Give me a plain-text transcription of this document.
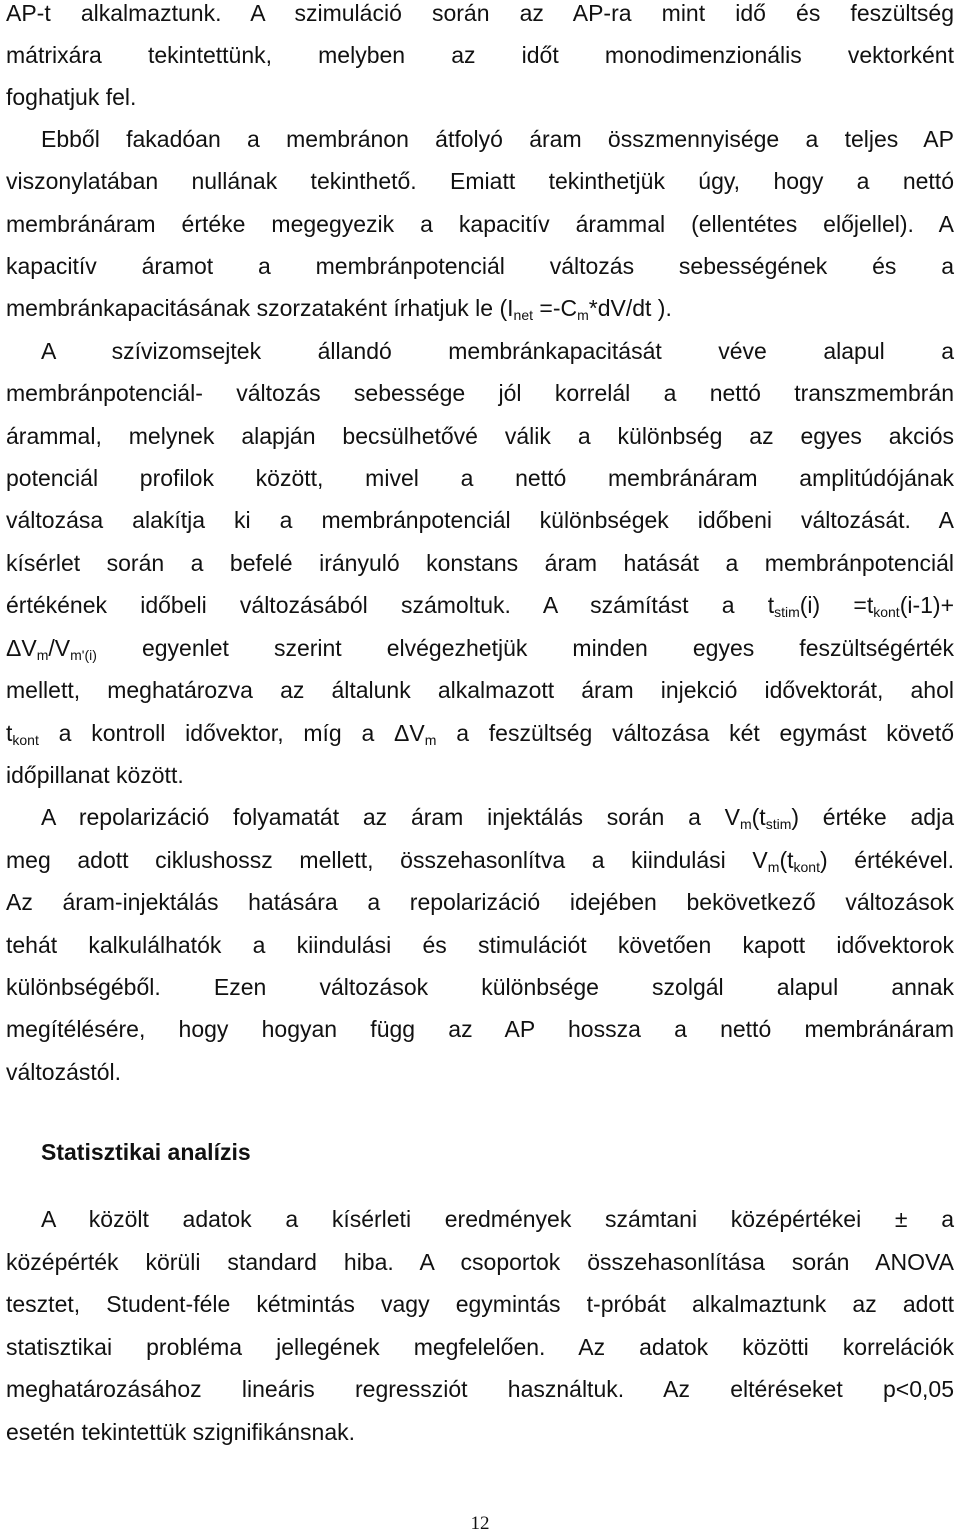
AP-t alkalmaztunk. A szimuláció során az AP-ra mint idő és feszültség
mátrixára tekintettünk, melyben az időt monodimenzionális vektorként
foghatjuk fel.
Ebből fakadóan a membránon átfolyó áram összmennyisége a teljes AP
viszonylatában nullának tekinthető. Emiatt tekinthetjük úgy, hogy a nettó
membránáram értéke megegyezik a kapacitív árammal (ellentétes előjellel). A
kapacitív áramot a membránpotenciál változás sebességének és a
membránkapacitásának szorzataként írhatjuk le ($I_{net} =-C_m*dV/dt$ ).
A szívizomsejtek állandó membránkapacitását véve alapul a
membránpotenciál- változás sebessége jól korrelál a nettó transzmembrán
árammal, melynek alapján becsülhetővé válik a különbség az egyes akciós
potenciál profilok között, mivel a nettó membránáram amplitúdójának
változása alakítja ki a membránpotenciál különbségek időbeni változását. A
kísérlet során a befelé irányuló konstans áram hatását a membránpotenciál
értékének időbeli változásából számoltuk. A számítást a $t_{stim}(i) =t_{kont}(i-1)+$
$\Delta V_m/V_{m'(i)}$ egyenlet szerint elvégezhetjük minden egyes feszültségérték
mellett, meghatározva az általunk alkalmazott áram injekció idővektorát, ahol
$t_{kont}$ a kontroll idővektor, míg a $\Delta V_m$ a feszültség változása két egymást követő
időpillanat között.
A repolarizáció folyamatát az áram injektálás során a $V_m(t_{stim})$ értéke adja
meg adott ciklushossz mellett, összehasonlítva a kiindulási $V_m(t_{kont})$ értékével.
Az áram-injektálás hatására a repolarizáció idejében bekövetkező változások
tehát kalkulálhatók a kiindulási és stimulációt követően kapott idővektorok
különbségéből. Ezen változások különbsége szolgál alapul annak
megítélésére, hogy hogyan függ az AP hossza a nettó membránáram
változástól.
A közölt adatok a kísérleti eredmények számtani középértékei ± a
középérték körüli standard hiba. A csoportok összehasonlítása során ANOVA
tesztet, Student-féle kétmintás vagy egymintás t-próbát alkalmaztunk az adott
statisztikai probléma jellegének megfelelően. Az adatok közötti korrelációk
meghatározásához lineáris regressziót használtuk. Az eltéréseket p<0,05
esetén tekintettük szignifikánsnak.
Statisztikai analízis
12
